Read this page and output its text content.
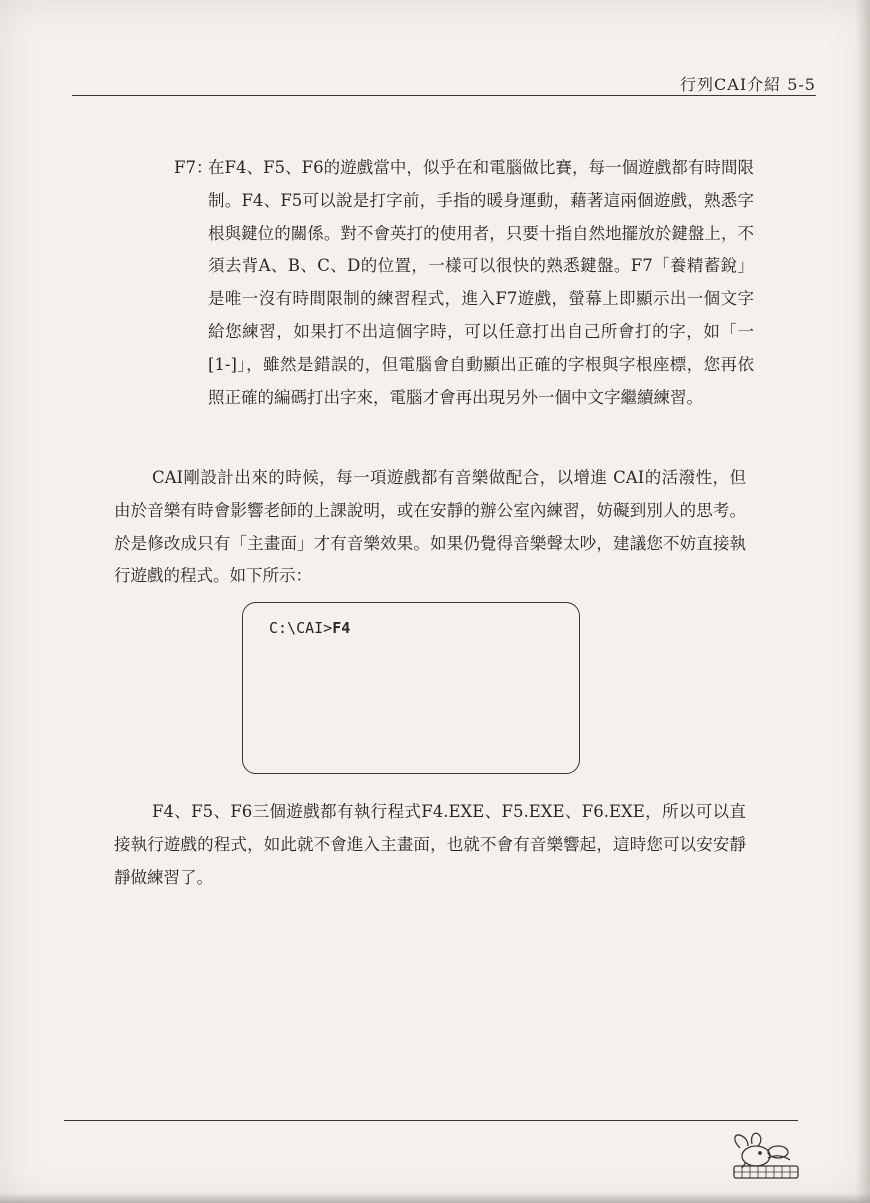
行列CAI介紹 5-5
F7：
在F4、F5、F6的遊戲當中，似乎在和電腦做比賽，每一個遊戲都有時間限制。F4、F5可以說是打字前，手指的暖身運動，藉著這兩個遊戲，熟悉字根與鍵位的關係。對不會英打的使用者，只要十指自然地擺放於鍵盤上，不須去背A、B、C、D的位置，一樣可以很快的熟悉鍵盤。F7「養精蓄銳」是唯一沒有時間限制的練習程式，進入F7遊戲，螢幕上即顯示出一個文字給您練習，如果打不出這個字時，可以任意打出自己所會打的字，如「一[1-]」，雖然是錯誤的，但電腦會自動顯出正確的字根與字根座標，您再依照正確的編碼打出字來，電腦才會再出現另外一個中文字繼續練習。
CAI剛設計出來的時候，每一項遊戲都有音樂做配合，以增進 CAI的活潑性，但由於音樂有時會影響老師的上課說明，或在安靜的辦公室內練習，妨礙到別人的思考。於是修改成只有「主畫面」才有音樂效果。如果仍覺得音樂聲太吵，建議您不妨直接執行遊戲的程式。如下所示：
C:\CAI>F4
F4、F5、F6三個遊戲都有執行程式F4.EXE、F5.EXE、F6.EXE，所以可以直接執行遊戲的程式，如此就不會進入主畫面，也就不會有音樂響起，這時您可以安安靜靜做練習了。
